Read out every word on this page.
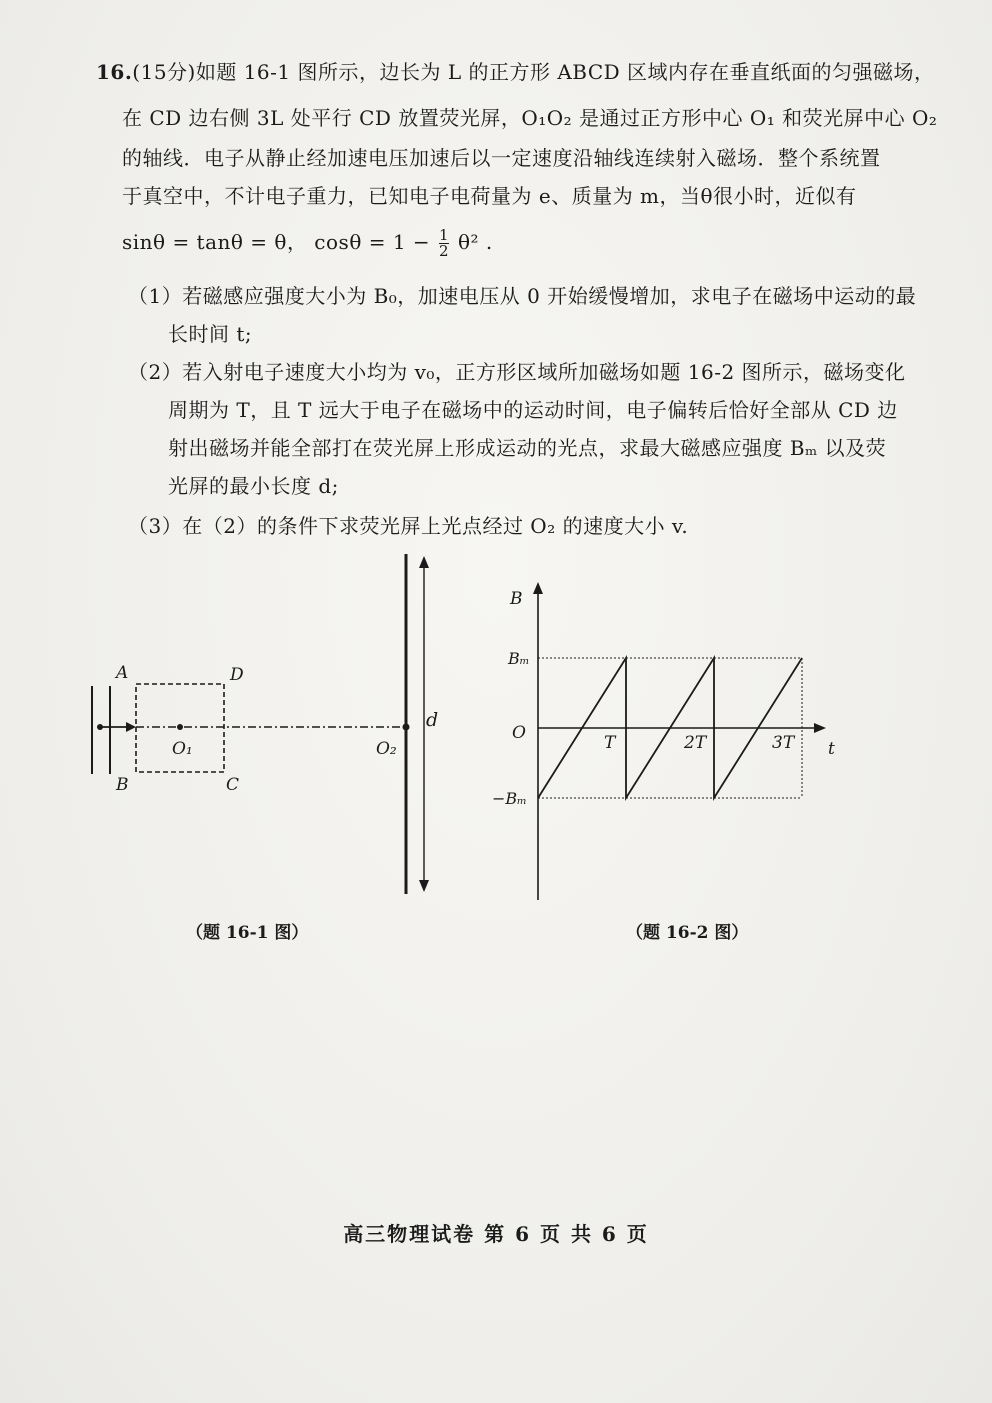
16.(15分)如题 16-1 图所示，边长为 L 的正方形 ABCD 区域内存在垂直纸面的匀强磁场，
在 CD 边右侧 3L 处平行 CD 放置荧光屏，O₁O₂ 是通过正方形中心 O₁ 和荧光屏中心 O₂
的轴线．电子从静止经加速电压加速后以一定速度沿轴线连续射入磁场．整个系统置
于真空中，不计电子重力，已知电子电荷量为 e、质量为 m，当θ很小时，近似有
sinθ = tanθ = θ， $\cos\theta = 1 - \frac{1}{2} \theta^2$ .
（1）若磁感应强度大小为 B₀，加速电压从 0 开始缓慢增加，求电子在磁场中运动的最
长时间 t;
（2）若入射电子速度大小均为 v₀，正方形区域所加磁场如题 16-2 图所示，磁场变化
周期为 T，且 T 远大于电子在磁场中的运动时间，电子偏转后恰好全部从 CD 边
射出磁场并能全部打在荧光屏上形成运动的光点，求最大磁感应强度 Bₘ 以及荧
光屏的最小长度 d;
（3）在（2）的条件下求荧光屏上光点经过 O₂ 的速度大小 v.
A
B	C
D
O₁	O₂
d
（题 16-1 图）
B
Bₘ
O
−Bₘ
T	2T	3T t
（题 16-2 图）
高三物理试卷 第 6 页 共 6 页
